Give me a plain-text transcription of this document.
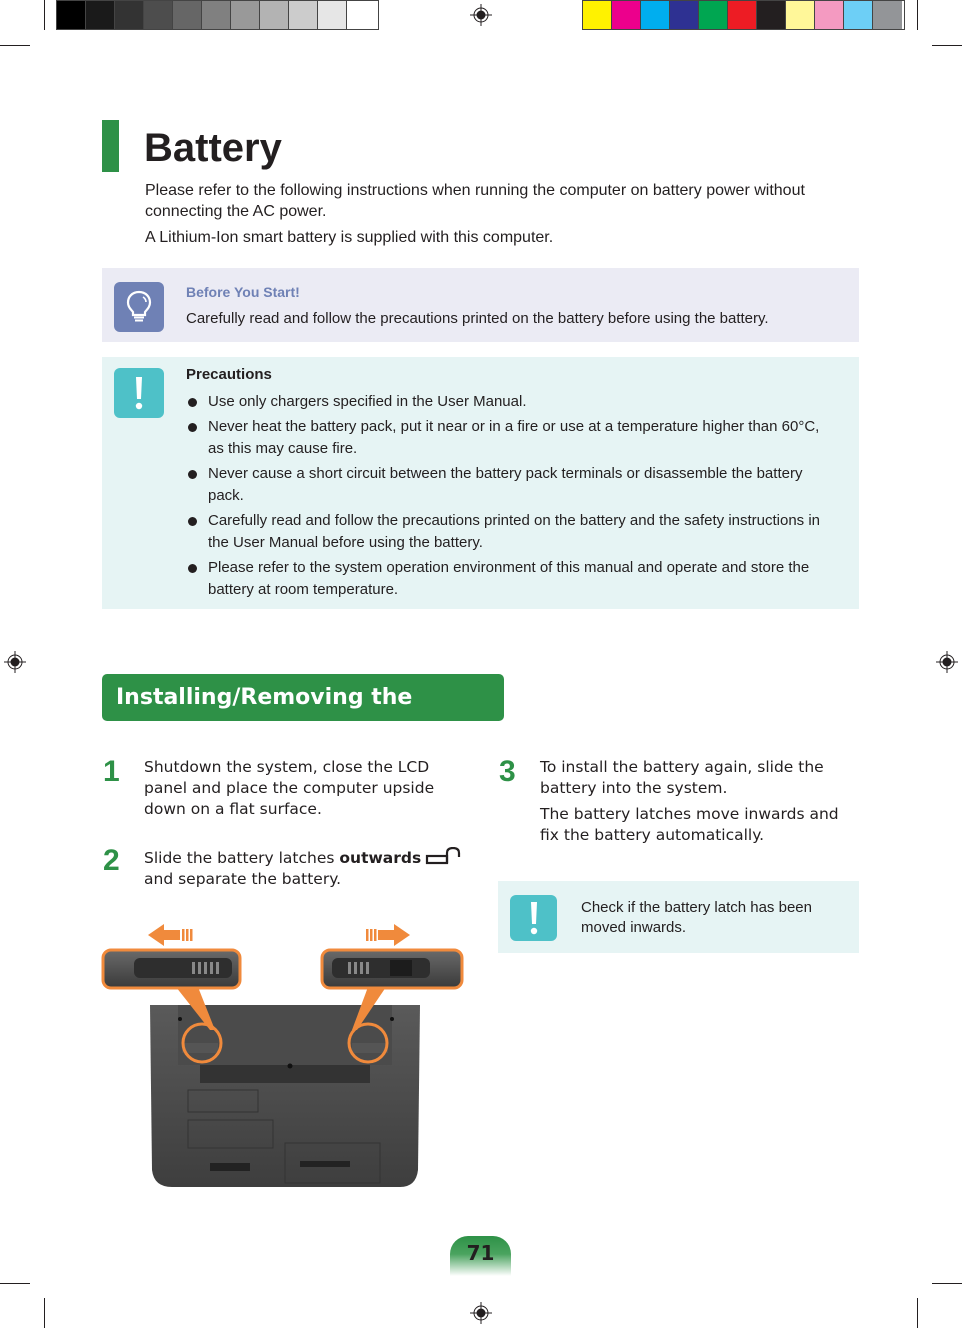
Battery

Please refer to the following instructions when running the computer on battery power without connecting the AC power.

A Lithium-Ion smart battery is supplied with this computer.

Before You Start!
Carefully read and follow the precautions printed on the battery before using the battery.
Precautions
Use only chargers specified in the User Manual.
Never heat the battery pack, put it near or in a fire or use at a temperature higher than 60°C, as this may cause fire.
Never cause a short circuit between the battery pack terminals or disassemble the battery pack.
Carefully read and follow the precautions printed on the battery and the safety instructions in the User Manual before using the battery.
Please refer to the system operation environment of this manual and operate and store the battery at room temperature.
Installing/Removing the Battery
1 Shutdown the system, close the LCD panel and place the computer upside down on a flat surface.

2 Slide the battery latches outwards
and separate the battery.

3 To install the battery again, slide the battery into the system.

The battery latches move inwards and fix the battery automatically.

Check if the battery latch has been moved inwards.
71
